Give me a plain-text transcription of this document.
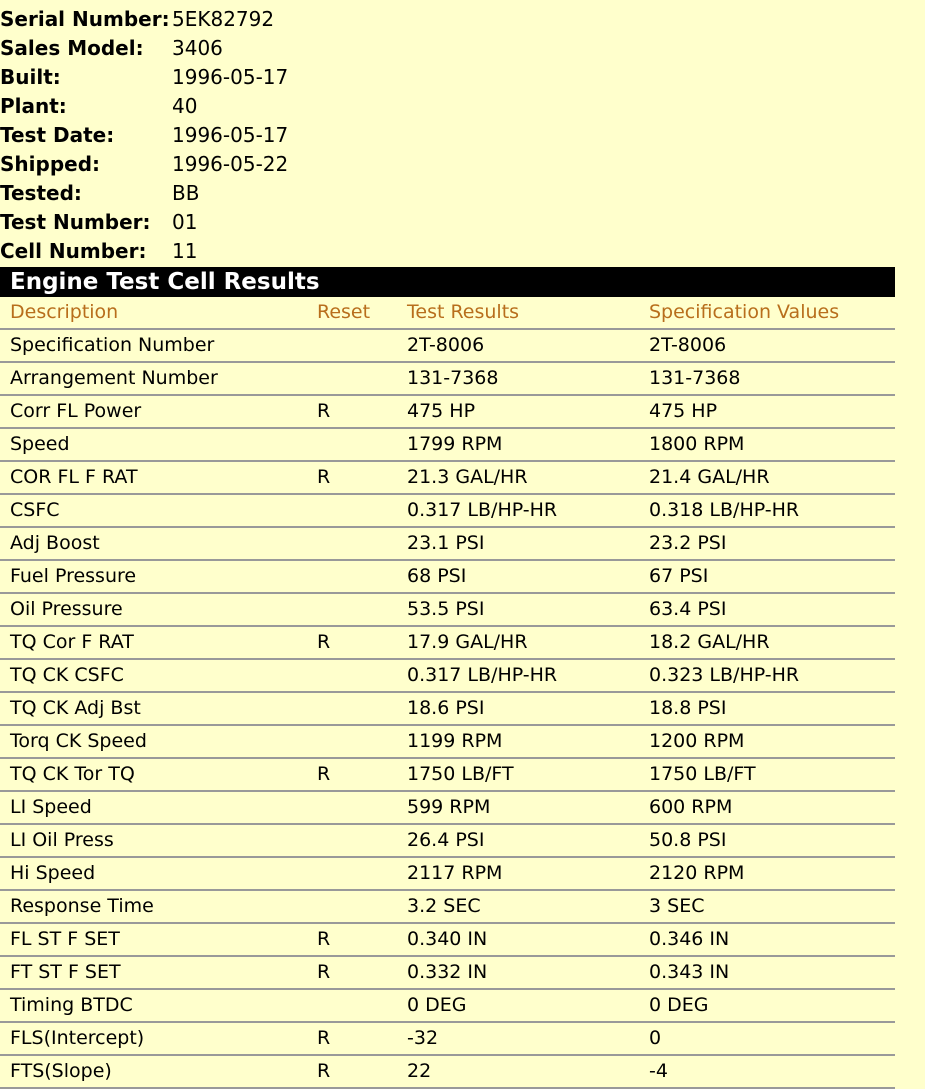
Serial Number: 5EK82792
Sales Model: 3406
Built:	1996-05-17
Plant:	40
Test Date:	1996-05-17
Shipped:	1996-05-22
Tested:	BB
Test Number: 01
Cell Number: 11
Engine Test Cell Results
Description	Reset	Test Results	Specification Values
Specification Number		2T-8006	2T-8006
Arrangement Number		131-7368	131-7368
Corr FL Power	R	475 HP	475 HP
Speed		1799 RPM	1800 RPM
COR FL F RAT	R	21.3 GAL/HR	21.4 GAL/HR
CSFC		0.317 LB/HP-HR	0.318 LB/HP-HR
Adj Boost		23.1 PSI	23.2 PSI
Fuel Pressure		68 PSI	67 PSI
Oil Pressure		53.5 PSI	63.4 PSI
TQ Cor F RAT	R	17.9 GAL/HR	18.2 GAL/HR
TQ CK CSFC		0.317 LB/HP-HR	0.323 LB/HP-HR
TQ CK Adj Bst		18.6 PSI	18.8 PSI
Torq CK Speed		1199 RPM	1200 RPM
TQ CK Tor TQ	R	1750 LB/FT	1750 LB/FT
LI Speed		599 RPM	600 RPM
LI Oil Press		26.4 PSI	50.8 PSI
Hi Speed		2117 RPM	2120 RPM
Response Time		3.2 SEC	3 SEC
FL ST F SET	R	0.340 IN	0.346 IN
FT ST F SET	R	0.332 IN	0.343 IN
Timing BTDC		0 DEG	0 DEG
FLS(Intercept)	R	-32	0
FTS(Slope)	R	22	-4
